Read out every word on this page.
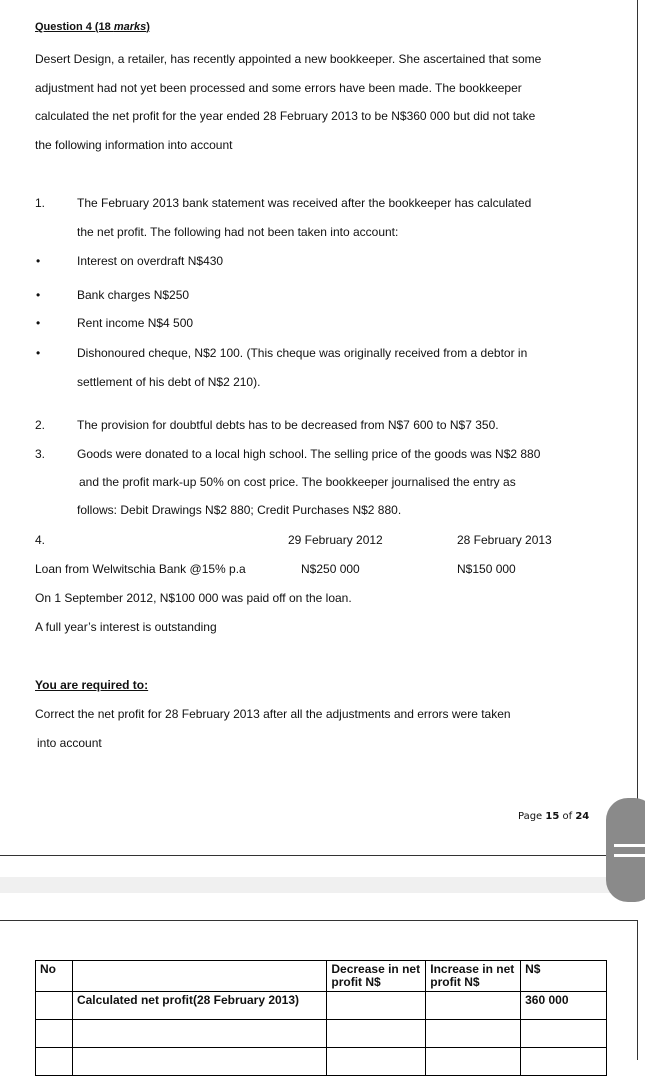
Question 4 (18 marks)
Desert Design, a retailer, has recently appointed a new bookkeeper. She ascertained that some
adjustment had not yet been processed and some errors have been made. The bookkeeper
calculated the net profit for the year ended 28 February 2013 to be N$360 000 but did not take
the following information into account
1.	The February 2013 bank statement was received after the bookkeeper has calculated
the net profit. The following had not been taken into account:
•	Interest on overdraft N$430
•	Bank charges N$250
•	Rent income N$4 500
•	Dishonoured cheque, N$2 100. (This cheque was originally received from a debtor in
settlement of his debt of N$2 210).
2.	The provision for doubtful debts has to be decreased from N$7 600 to N$7 350.
3.	Goods were donated to a local high school. The selling price of the goods was N$2 880
and the profit mark-up 50% on cost price. The bookkeeper journalised the entry as
follows: Debit Drawings N$2 880; Credit Purchases N$2 880.
4.	29 February 2012	28 February 2013
Loan from Welwitschia Bank @15% p.a	N$250 000	N$150 000
On 1 September 2012, N$100 000 was paid off on the loan.
A full year’s interest is outstanding
You are required to:
Correct the net profit for 28 February 2013 after all the adjustments and errors were taken
into account
Page 15 of 24
No		Decrease in net profit N$	Increase in net profit N$	N$
	Calculated net profit(28 February 2013)			360 000
